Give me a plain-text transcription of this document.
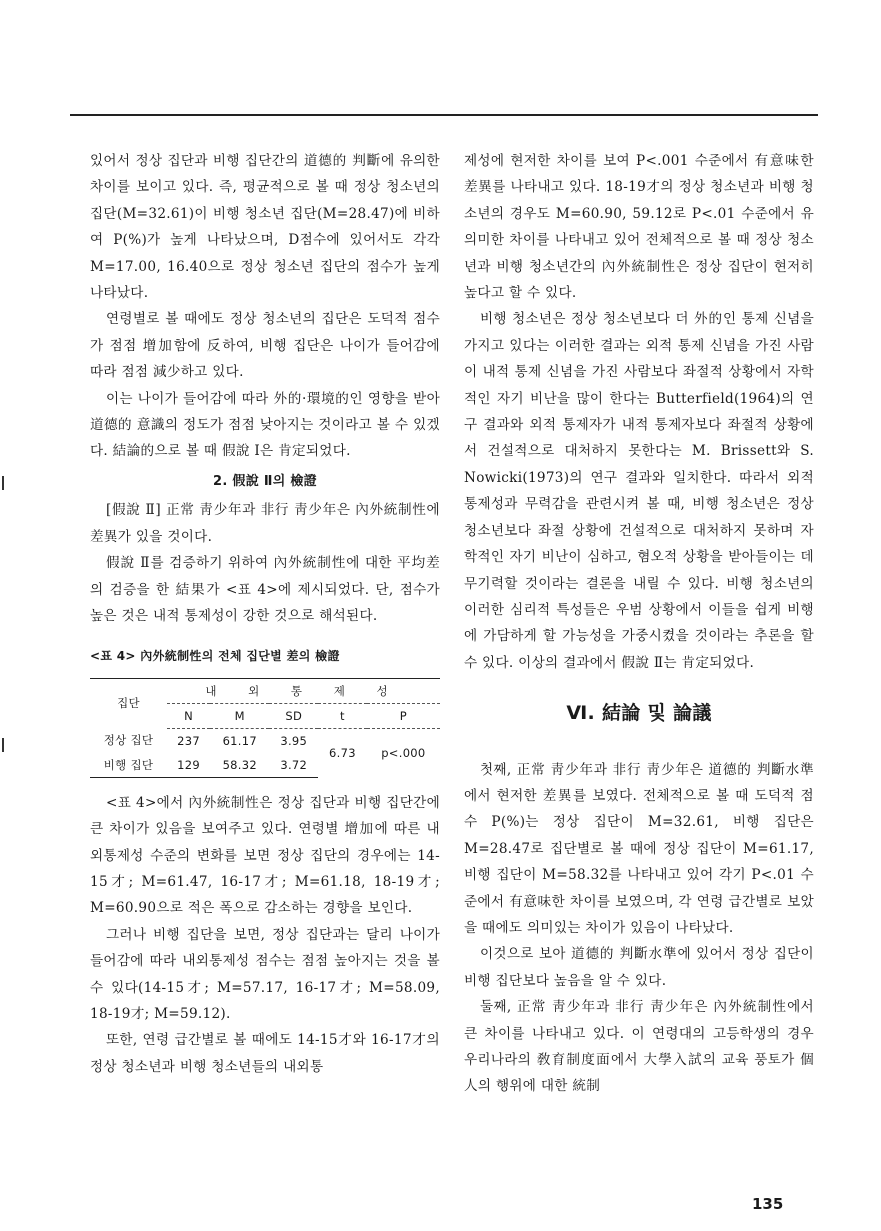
있어서 정상 집단과 비행 집단간의 道德的 判斷에 유의한 차이를 보이고 있다. 즉, 평균적으로 볼 때 정상 청소년의 집단(M=32.61)이 비행 청소년 집단(M=28.47)에 비하여 P(%)가 높게 나타났으며, D점수에 있어서도 각각 M=17.00, 16.40으로 정상 청소년 집단의 점수가 높게 나타났다.

연령별로 볼 때에도 정상 청소년의 집단은 도덕적 점수가 점점 增加함에 反하여, 비행 집단은 나이가 들어감에 따라 점점 減少하고 있다.

이는 나이가 들어감에 따라 外的·環境的인 영향을 받아 道德的 意識의 정도가 점점 낮아지는 것이라고 볼 수 있겠다. 結論的으로 볼 때 假說 Ⅰ은 肯定되었다.

2. 假說 Ⅱ의 檢證

[假說 Ⅱ] 正常 靑少年과 非行 靑少年은 內外統制性에 差異가 있을 것이다.

假說 Ⅱ를 검증하기 위하여 內外統制性에 대한 平均差의 검증을 한 結果가 <표 4>에 제시되었다. 단, 점수가 높은 것은 내적 통제성이 강한 것으로 해석된다.

<표 4> 內外統制性의 전체 집단별 差의 檢證

집단	내 외 통 제 성				
	N	M	SD	t	P
정상 집단	237	61.17	3.95	6.73	p<.000
비행 집단	129	58.32	3.72		

<표 4>에서 內外統制性은 정상 집단과 비행 집단간에 큰 차이가 있음을 보여주고 있다. 연령별 增加에 따른 내외통제성 수준의 변화를 보면 정상 집단의 경우에는 14-15才; M=61.47, 16-17才; M=61.18, 18-19才; M=60.90으로 적은 폭으로 감소하는 경향을 보인다.

그러나 비행 집단을 보면, 정상 집단과는 달리 나이가 들어감에 따라 내외통제성 점수는 점점 높아지는 것을 볼 수 있다(14-15才; M=57.17, 16-17才; M=58.09, 18-19才; M=59.12).

또한, 연령 급간별로 볼 때에도 14-15才와 16-17才의 정상 청소년과 비행 청소년들의 내외통

제성에 현저한 차이를 보여 P<.001 수준에서 有意味한 差異를 나타내고 있다. 18-19才의 정상 청소년과 비행 청소년의 경우도 M=60.90, 59.12로 P<.01 수준에서 유의미한 차이를 나타내고 있어 전체적으로 볼 때 정상 청소년과 비행 청소년간의 內外統制性은 정상 집단이 현저히 높다고 할 수 있다.

비행 청소년은 정상 청소년보다 더 外的인 통제 신념을 가지고 있다는 이러한 결과는 외적 통제 신념을 가진 사람이 내적 통제 신념을 가진 사람보다 좌절적 상황에서 자학적인 자기 비난을 많이 한다는 Butterfield(1964)의 연구 결과와 외적 통제자가 내적 통제자보다 좌절적 상황에서 건설적으로 대처하지 못한다는 M. Brissett와 S. Nowicki(1973)의 연구 결과와 일치한다. 따라서 외적 통제성과 무력감을 관련시켜 볼 때, 비행 청소년은 정상 청소년보다 좌절 상황에 건설적으로 대처하지 못하며 자학적인 자기 비난이 심하고, 혐오적 상황을 받아들이는 데 무기력할 것이라는 결론을 내릴 수 있다. 비행 청소년의 이러한 심리적 특성들은 우범 상황에서 이들을 쉽게 비행에 가담하게 할 가능성을 가중시켰을 것이라는 추론을 할 수 있다. 이상의 결과에서 假說 Ⅱ는 肯定되었다.

Ⅵ. 結論 및 論議

첫째, 正常 靑少年과 非行 靑少年은 道德的 判斷水準에서 현저한 差異를 보였다. 전체적으로 볼 때 도덕적 점수 P(%)는 정상 집단이 M=32.61, 비행 집단은 M=28.47로 집단별로 볼 때에 정상 집단이 M=61.17, 비행 집단이 M=58.32를 나타내고 있어 각기 P<.01 수준에서 有意味한 차이를 보였으며, 각 연령 급간별로 보았을 때에도 의미있는 차이가 있음이 나타났다.

이것으로 보아 道德的 判斷水準에 있어서 정상 집단이 비행 집단보다 높음을 알 수 있다.

둘째, 正常 靑少年과 非行 靑少年은 內外統制性에서 큰 차이를 나타내고 있다. 이 연령대의 고등학생의 경우 우리나라의 敎育制度面에서 大學入試의 교육 풍토가 個人의 행위에 대한 統制

135
